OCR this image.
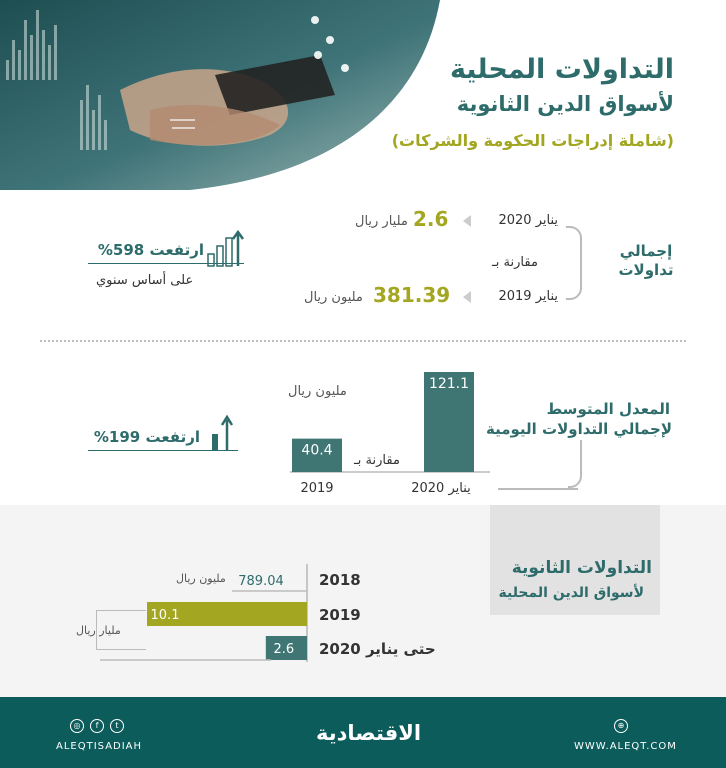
التداولات المحلية
لأسواق الدين الثانوية
(شاملة إدراجات الحكومة والشركات)
إجمالي تداولات
يناير 2020
2.6
مليار ريال
مقارنة بـ
يناير 2019
381.39
مليون ريال
ارتفعت 598%
على أساس سنوي
المعدل المتوسط
لإجمالي التداولات اليومية
مليون ريال	121.1
يناير 2020
40.4
2019
مقارنة بـ
ارتفعت 199%
التداولات الثانوية
لأسواق الدين المحلية
مليون ريال
مليار ريال
789.04 2018
10.1	2019
2.6 حتى يناير 2020
◎	f	t
ALEQTISADIAH
الاقتصادية	⊕
WWW.ALEQT.COM
